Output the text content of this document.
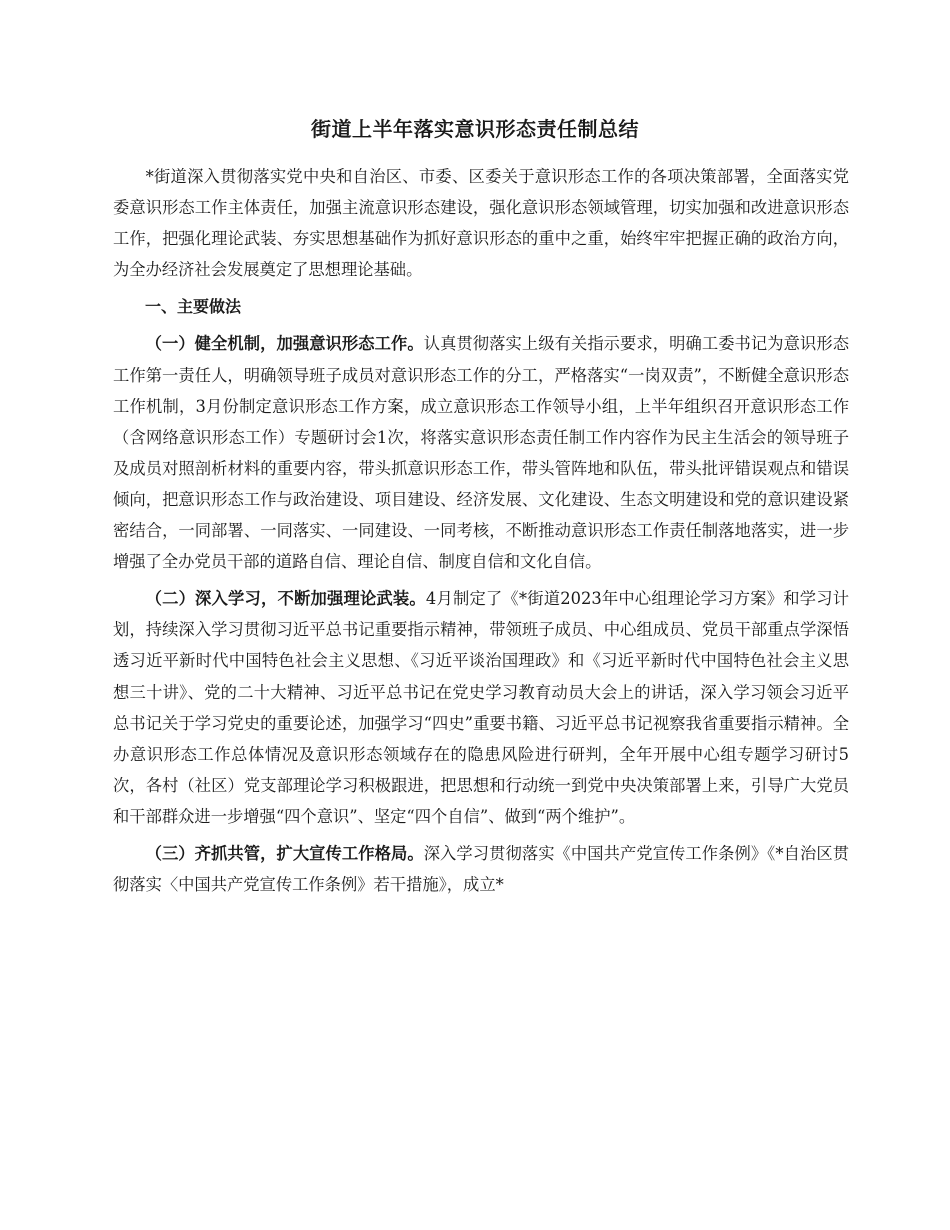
街道上半年落实意识形态责任制总结

*街道深入贯彻落实党中央和自治区、市委、区委关于意识形态工作的各项决策部署，全面落实党委意识形态工作主体责任，加强主流意识形态建设，强化意识形态领域管理，切实加强和改进意识形态工作，把强化理论武装、夯实思想基础作为抓好意识形态的重中之重，始终牢牢把握正确的政治方向，为全办经济社会发展奠定了思想理论基础。

一、主要做法

（一）健全机制，加强意识形态工作。认真贯彻落实上级有关指示要求，明确工委书记为意识形态工作第一责任人，明确领导班子成员对意识形态工作的分工，严格落实“一岗双责”，不断健全意识形态工作机制，3月份制定意识形态工作方案，成立意识形态工作领导小组，上半年组织召开意识形态工作（含网络意识形态工作）专题研讨会1次，将落实意识形态责任制工作内容作为民主生活会的领导班子及成员对照剖析材料的重要内容，带头抓意识形态工作，带头管阵地和队伍，带头批评错误观点和错误倾向，把意识形态工作与政治建设、项目建设、经济发展、文化建设、生态文明建设和党的意识建设紧密结合，一同部署、一同落实、一同建设、一同考核，不断推动意识形态工作责任制落地落实，进一步增强了全办党员干部的道路自信、理论自信、制度自信和文化自信。

（二）深入学习，不断加强理论武装。4月制定了《*街道2023年中心组理论学习方案》和学习计划，持续深入学习贯彻习近平总书记重要指示精神，带领班子成员、中心组成员、党员干部重点学深悟透习近平新时代中国特色社会主义思想、《习近平谈治国理政》和《习近平新时代中国特色社会主义思想三十讲》、党的二十大精神、习近平总书记在党史学习教育动员大会上的讲话，深入学习领会习近平总书记关于学习党史的重要论述，加强学习“四史”重要书籍、习近平总书记视察我省重要指示精神。全办意识形态工作总体情况及意识形态领域存在的隐患风险进行研判，全年开展中心组专题学习研讨5次，各村（社区）党支部理论学习积极跟进，把思想和行动统一到党中央决策部署上来，引导广大党员和干部群众进一步增强“四个意识”、坚定“四个自信”、做到“两个维护”。

（三）齐抓共管，扩大宣传工作格局。深入学习贯彻落实《中国共产党宣传工作条例》《*自治区贯彻落实〈中国共产党宣传工作条例》若干措施》，成立*
